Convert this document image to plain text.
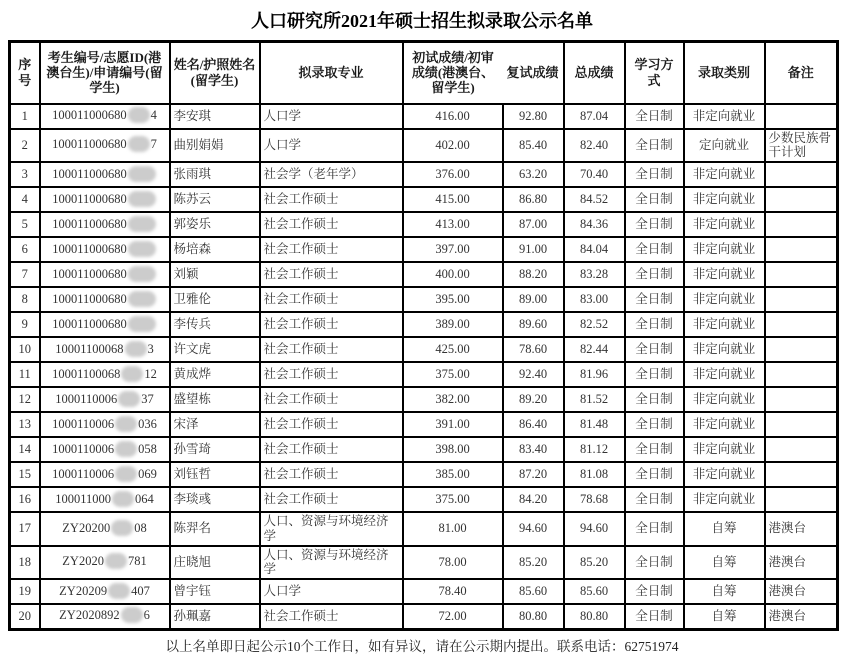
人口研究所2021年硕士招生拟录取公示名单
序号	考生编号/志愿ID(港澳台生)/申请编号(留学生)	姓名/护照姓名(留学生)	拟录取专业	初试成绩/初审成绩(港澳台、留学生)	复试成绩	总成绩	学习方式	录取类别	备注
1	100011000680 4	李安琪	人口学	416.00	92.80	87.04	全日制	非定向就业	
2	100011000680 7	曲别娟娟	人口学	402.00	85.40	82.40	全日制	定向就业	少数民族骨干计划
3	100011000680	张雨琪	社会学（老年学）	376.00	63.20	70.40	全日制	非定向就业	
4	100011000680	陈苏云	社会工作硕士	415.00	86.80	84.52	全日制	非定向就业	
5	100011000680	郭姿乐	社会工作硕士	413.00	87.00	84.36	全日制	非定向就业	
6	100011000680	杨培森	社会工作硕士	397.00	91.00	84.04	全日制	非定向就业	
7	100011000680	刘颖	社会工作硕士	400.00	88.20	83.28	全日制	非定向就业	
8	100011000680	卫雅伦	社会工作硕士	395.00	89.00	83.00	全日制	非定向就业	
9	100011000680	李传兵	社会工作硕士	389.00	89.60	82.52	全日制	非定向就业	
10	10001100068 3	许文虎	社会工作硕士	425.00	78.60	82.44	全日制	非定向就业	
11	10001100068 12	黄成烨	社会工作硕士	375.00	92.40	81.96	全日制	非定向就业	
12	1000110006 37	盛望栋	社会工作硕士	382.00	89.20	81.52	全日制	非定向就业	
13	1000110006 036	宋泽	社会工作硕士	391.00	86.40	81.48	全日制	非定向就业	
14	1000110006 058	孙雪琦	社会工作硕士	398.00	83.40	81.12	全日制	非定向就业	
15	1000110006 069	刘钰哲	社会工作硕士	385.00	87.20	81.08	全日制	非定向就业	
16	100011000 064	李琰彧	社会工作硕士	375.00	84.20	78.68	全日制	非定向就业	
17	ZY20200 08	陈羿名	人口、资源与环境经济学	81.00	94.60	94.60	全日制	自筹	港澳台
18	ZY2020 781	庄晓旭	人口、资源与环境经济学	78.00	85.20	85.20	全日制	自筹	港澳台
19	ZY20209 407	曾宇钰	人口学	78.40	85.60	85.60	全日制	自筹	港澳台
20	ZY2020892 6	孙珮嘉	社会工作硕士	72.00	80.80	80.80	全日制	自筹	港澳台
以上名单即日起公示10个工作日，如有异议，请在公示期内提出。联系电话：62751974
